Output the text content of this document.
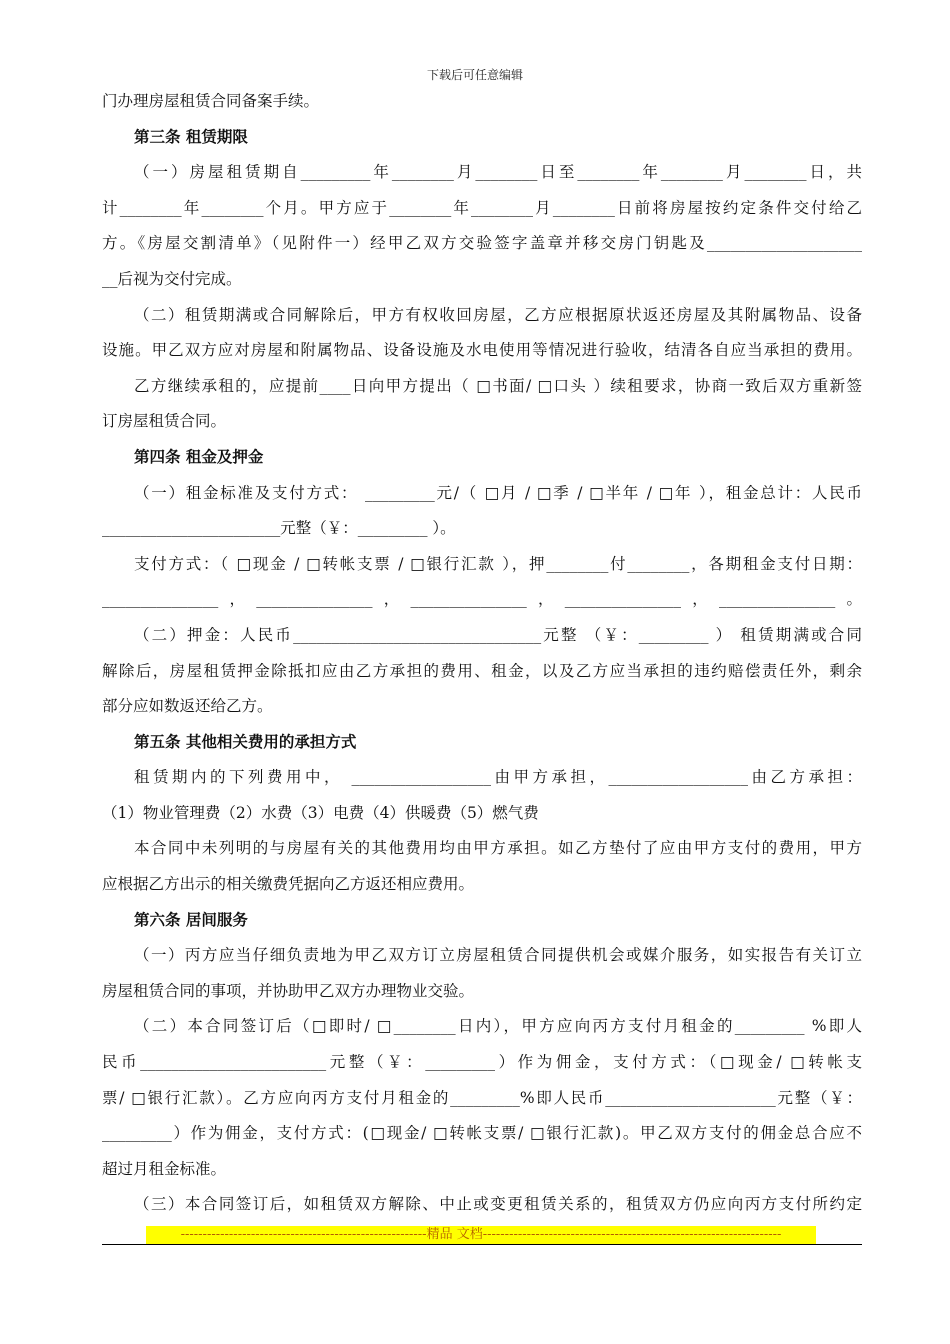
下载后可任意编辑
门办理房屋租赁合同备案手续。
第三条 租赁期限
（一）房屋租赁期自_________年________月________日至________年________月________日，共
计________年________个月。甲方应于________年________月________日前将房屋按约定条件交付给乙
方。《房屋交割清单》（见附件一）经甲乙双方交验签字盖章并移交房门钥匙及____________________
__后视为交付完成。
（二）租赁期满或合同解除后，甲方有权收回房屋，乙方应根据原状返还房屋及其附属物品、设备
设施。甲乙双方应对房屋和附属物品、设备设施及水电使用等情况进行验收，结清各自应当承担的费用。
乙方继续承租的，应提前____日向甲方提出（ □书面/ □口头 ）续租要求，协商一致后双方重新签
订房屋租赁合同。
第四条 租金及押金
（一）租金标准及支付方式： _________元/（ □月 / □季 / □半年 / □年 ），租金总计：人民币
_______________________元整（￥：_________ ）。
支付方式：（ □现金 / □转帐支票 / □银行汇款 ），押________付________，各期租金支付日期：
_______________，_______________，_______________，_______________，_______________。
（二）押金：人民币________________________________元整 （￥：_________ ） 租赁期满或合同
解除后，房屋租赁押金除抵扣应由乙方承担的费用、租金，以及乙方应当承担的违约赔偿责任外，剩余
部分应如数返还给乙方。
第五条 其他相关费用的承担方式
租赁期内的下列费用中， __________________由甲方承担，__________________由乙方承担：
（1）物业管理费（2）水费（3）电费（4）供暖费（5）燃气费
本合同中未列明的与房屋有关的其他费用均由甲方承担。如乙方垫付了应由甲方支付的费用，甲方
应根据乙方出示的相关缴费凭据向乙方返还相应费用。
第六条 居间服务
（一）丙方应当仔细负责地为甲乙双方订立房屋租赁合同提供机会或媒介服务，如实报告有关订立
房屋租赁合同的事项，并协助甲乙双方办理物业交验。
（二）本合同签订后（□即时/ □________日内），甲方应向丙方支付月租金的_________ %即人
民币________________________元整（￥：_________）作为佣金，支付方式：（□现金/ □转帐支
票/ □银行汇款）。乙方应向丙方支付月租金的_________%即人民币______________________元整（￥：
_________）作为佣金，支付方式：(□现金/ □转帐支票/ □银行汇款)。甲乙双方支付的佣金总合应不
超过月租金标准。
（三）本合同签订后，如租赁双方解除、中止或变更租赁关系的，租赁双方仍应向丙方支付所约定
--------------------------------------------------------精品 文档--------------------------------------------------------------------
